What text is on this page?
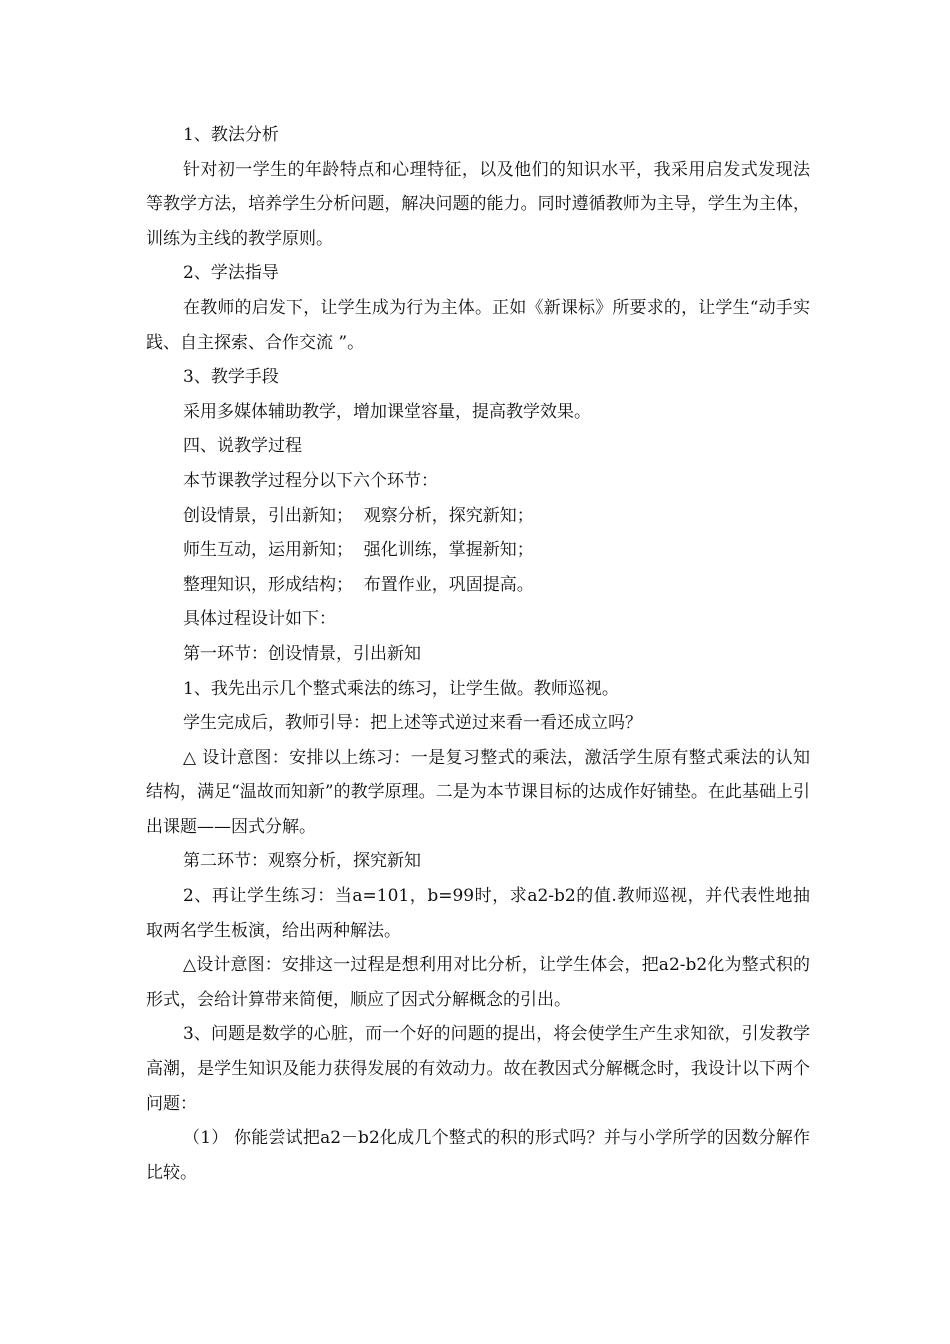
1、教法分析

针对初一学生的年龄特点和心理特征，以及他们的知识水平，我采用启发式发现法等教学方法，培养学生分析问题，解决问题的能力。同时遵循教师为主导，学生为主体，训练为主线的教学原则。

2、学法指导

在教师的启发下，让学生成为行为主体。正如《新课标》所要求的，让学生“动手实践、自主探索、合作交流 ”。

3、教学手段

采用多媒体辅助教学，增加课堂容量，提高教学效果。

四、说教学过程

本节课教学过程分以下六个环节：

创设情景，引出新知；  观察分析，探究新知；

师生互动，运用新知；  强化训练，掌握新知；

整理知识，形成结构；  布置作业，巩固提高。

具体过程设计如下：

第一环节：创设情景，引出新知

1、我先出示几个整式乘法的练习，让学生做。教师巡视。

学生完成后，教师引导：把上述等式逆过来看一看还成立吗？

△ 设计意图：安排以上练习：一是复习整式的乘法，激活学生原有整式乘法的认知结构，满足“温故而知新”的教学原理。二是为本节课目标的达成作好铺垫。在此基础上引出课题——因式分解。

第二环节：观察分析，探究新知

2、再让学生练习：当a=101，b=99时，求a2-b2的值.教师巡视，并代表性地抽取两名学生板演，给出两种解法。

△设计意图：安排这一过程是想利用对比分析，让学生体会，把a2-b2化为整式积的形式，会给计算带来简便，顺应了因式分解概念的引出。

3、问题是数学的心脏，而一个好的问题的提出，将会使学生产生求知欲，引发教学高潮，是学生知识及能力获得发展的有效动力。故在教因式分解概念时，我设计以下两个问题：

（1） 你能尝试把a2－b2化成几个整式的积的形式吗？并与小学所学的因数分解作比较。
